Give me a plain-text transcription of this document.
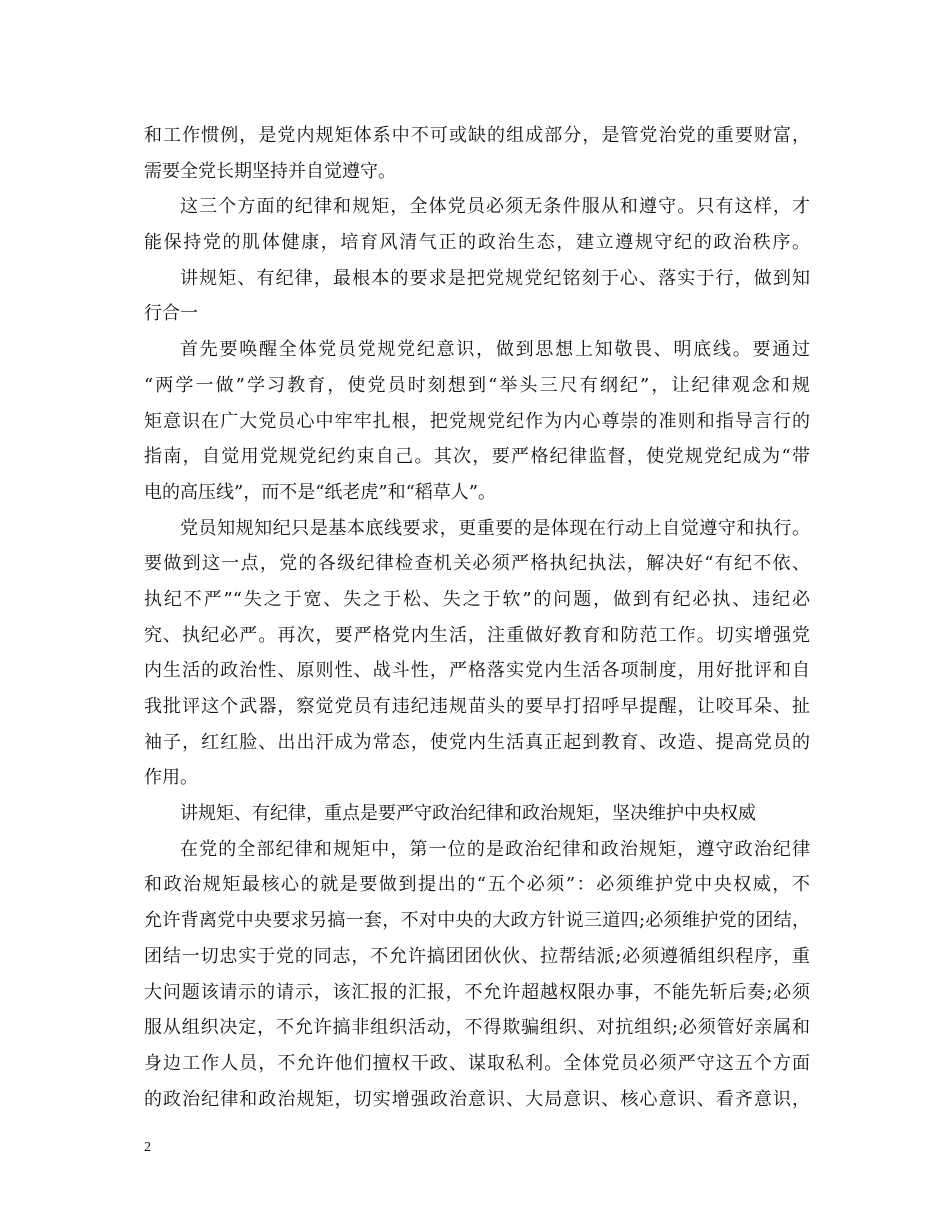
和工作惯例，是党内规矩体系中不可或缺的组成部分，是管党治党的重要财富，
需要全党长期坚持并自觉遵守。
这三个方面的纪律和规矩，全体党员必须无条件服从和遵守。只有这样，才
能保持党的肌体健康，培育风清气正的政治生态，建立遵规守纪的政治秩序。
讲规矩、有纪律，最根本的要求是把党规党纪铭刻于心、落实于行，做到知
行合一
首先要唤醒全体党员党规党纪意识，做到思想上知敬畏、明底线。要通过
“两学一做”学习教育，使党员时刻想到“举头三尺有纲纪”，让纪律观念和规
矩意识在广大党员心中牢牢扎根，把党规党纪作为内心尊崇的准则和指导言行的
指南，自觉用党规党纪约束自己。其次，要严格纪律监督，使党规党纪成为“带
电的高压线”，而不是“纸老虎”和“稻草人”。
党员知规知纪只是基本底线要求，更重要的是体现在行动上自觉遵守和执行。
要做到这一点，党的各级纪律检查机关必须严格执纪执法，解决好“有纪不依、
执纪不严”“失之于宽、失之于松、失之于软”的问题，做到有纪必执、违纪必
究、执纪必严。再次，要严格党内生活，注重做好教育和防范工作。切实增强党
内生活的政治性、原则性、战斗性，严格落实党内生活各项制度，用好批评和自
我批评这个武器，察觉党员有违纪违规苗头的要早打招呼早提醒，让咬耳朵、扯
袖子，红红脸、出出汗成为常态，使党内生活真正起到教育、改造、提高党员的
作用。
讲规矩、有纪律，重点是要严守政治纪律和政治规矩，坚决维护中央权威
在党的全部纪律和规矩中，第一位的是政治纪律和政治规矩，遵守政治纪律
和政治规矩最核心的就是要做到提出的“五个必须”：必须维护党中央权威，不
允许背离党中央要求另搞一套，不对中央的大政方针说三道四;必须维护党的团结，
团结一切忠实于党的同志，不允许搞团团伙伙、拉帮结派;必须遵循组织程序，重
大问题该请示的请示，该汇报的汇报，不允许超越权限办事，不能先斩后奏;必须
服从组织决定，不允许搞非组织活动，不得欺骗组织、对抗组织;必须管好亲属和
身边工作人员，不允许他们擅权干政、谋取私利。全体党员必须严守这五个方面
的政治纪律和政治规矩，切实增强政治意识、大局意识、核心意识、看齐意识，
2
